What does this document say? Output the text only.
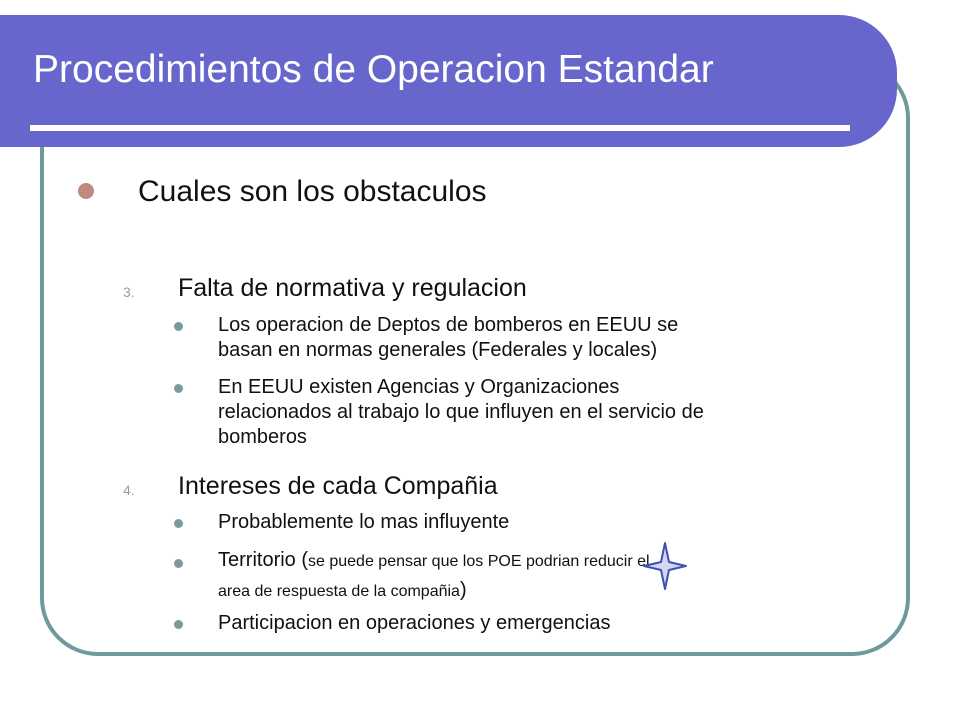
Procedimientos de Operacion Estandar
Cuales son los obstaculos
3. Falta de normativa y regulacion
Los operacion de Deptos de bomberos en EEUU se
basan en normas generales (Federales y locales)
En EEUU existen Agencias y Organizaciones
relacionados al trabajo lo que influyen en el servicio de
bomberos
4. Intereses de cada Compañia
Probablemente lo mas influyente
Territorio (se puede pensar que los POE podrian reducir el
area de respuesta de la compañia)
Participacion en operaciones y emergencias
